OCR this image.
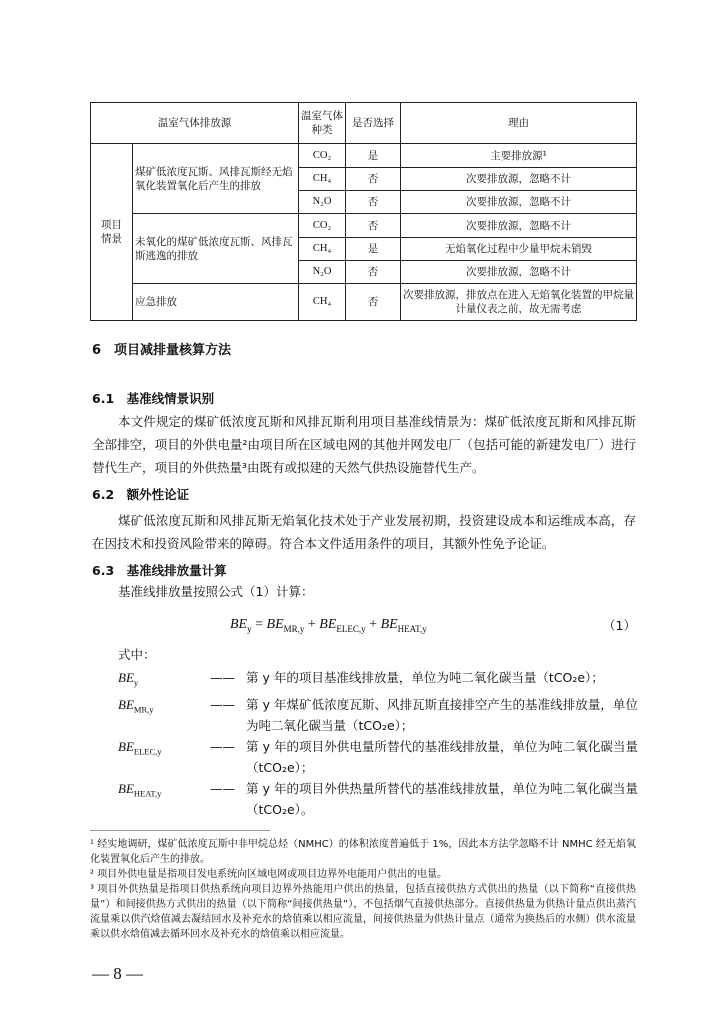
温室气体排放源		温室气体种类	是否选择	理由
项目情景	煤矿低浓度瓦斯、风排瓦斯经无焰氧化装置氧化后产生的排放	CO₂	是	主要排放源¹
		CH₄	否	次要排放源，忽略不计
		N₂O	否	次要排放源，忽略不计
	未氧化的煤矿低浓度瓦斯、风排瓦斯逃逸的排放	CO₂	否	次要排放源，忽略不计
		CH₄	是	无焰氧化过程中少量甲烷未销毁
		N₂O	否	次要排放源，忽略不计
	应急排放	CH₄	否	次要排放源，排放点在进入无焰氧化装置的甲烷量计量仪表之前，故无需考虑
6　项目减排量核算方法
6.1　基准线情景识别
本文件规定的煤矿低浓度瓦斯和风排瓦斯利用项目基准线情景为：煤矿低浓度瓦斯和风排瓦斯全部排空，项目的外供电量²由项目所在区域电网的其他并网发电厂（包括可能的新建发电厂）进行替代生产，项目的外供热量³由既有或拟建的天然气供热设施替代生产。
6.2　额外性论证
煤矿低浓度瓦斯和风排瓦斯无焰氧化技术处于产业发展初期，投资建设成本和运维成本高，存在因技术和投资风险带来的障碍。符合本文件适用条件的项目，其额外性免予论证。
6.3　基准线排放量计算
基准线排放量按照公式（1）计算：
$BE_y = BE_{MR,y} + BE_{ELEC,y} + BE_{HEAT,y}$	（1）
式中：
$BE_y$	—— 第 y 年的项目基准线排放量，单位为吨二氧化碳当量（tCO₂e）；
$BE_{MR,y}$	—— 第 y 年煤矿低浓度瓦斯、风排瓦斯直接排空产生的基准线排放量，单位为吨二氧化碳当量（tCO₂e）；
$BE_{ELEC,y}$	—— 第 y 年的项目外供电量所替代的基准线排放量，单位为吨二氧化碳当量（tCO₂e）；
$BE_{HEAT,y}$	—— 第 y 年的项目外供热量所替代的基准线排放量，单位为吨二氧化碳当量（tCO₂e）。

¹ 经实地调研，煤矿低浓度瓦斯中非甲烷总烃（NMHC）的体积浓度普遍低于 1%，因此本方法学忽略不计 NMHC 经无焰氧化装置氧化后产生的排放。

² 项目外供电量是指项目发电系统向区域电网或项目边界外电能用户供出的电量。

³ 项目外供热量是指项目供热系统向项目边界外热能用户供出的热量，包括直接供热方式供出的热量（以下简称“直接供热量”）和间接供热方式供出的热量（以下简称“间接供热量”），不包括烟气直接供热部分。直接供热量为供热计量点供出蒸汽流量乘以供汽焓值减去凝结回水及补充水的焓值乘以相应流量，间接供热量为供热计量点（通常为换热后的水侧）供水流量乘以供水焓值减去循环回水及补充水的焓值乘以相应流量。

— 8 —
